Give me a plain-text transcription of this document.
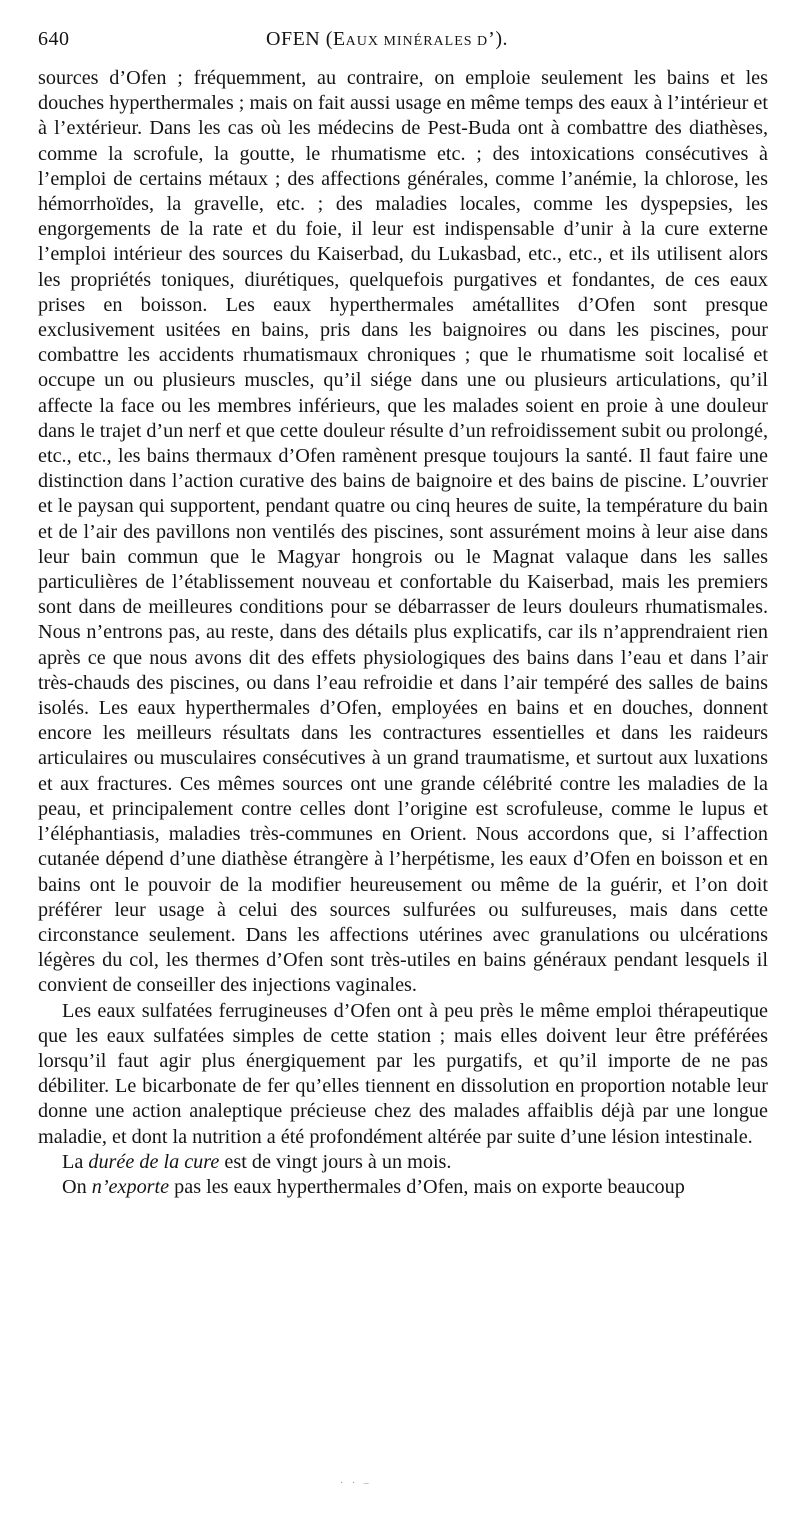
640	OFEN (EAUX MINÉRALES D’).

sources d’Ofen ; fréquemment, au contraire, on emploie seulement les bains et les douches hyperthermales ; mais on fait aussi usage en même temps des eaux à l’intérieur et à l’extérieur. Dans les cas où les médecins de Pest-Buda ont à combattre des diathèses, comme la scrofule, la goutte, le rhumatisme etc. ; des intoxications consécutives à l’emploi de certains métaux ; des affections générales, comme l’anémie, la chlorose, les hémorrhoïdes, la gravelle, etc. ; des maladies locales, comme les dyspepsies, les engorgements de la rate et du foie, il leur est indispensable d’unir à la cure externe l’emploi intérieur des sources du Kaiserbad, du Lukasbad, etc., etc., et ils utilisent alors les propriétés toniques, diurétiques, quelquefois purgatives et fondantes, de ces eaux prises en boisson. Les eaux hyperthermales amétallites d’Ofen sont presque exclusivement usitées en bains, pris dans les baignoires ou dans les piscines, pour combattre les accidents rhumatismaux chroniques ; que le rhumatisme soit localisé et occupe un ou plusieurs muscles, qu’il siége dans une ou plusieurs articulations, qu’il affecte la face ou les membres inférieurs, que les malades soient en proie à une douleur dans le trajet d’un nerf et que cette douleur résulte d’un refroidissement subit ou prolongé, etc., etc., les bains thermaux d’Ofen ramènent presque toujours la santé. Il faut faire une distinction dans l’action curative des bains de baignoire et des bains de piscine. L’ouvrier et le paysan qui supportent, pendant quatre ou cinq heures de suite, la température du bain et de l’air des pavillons non ventilés des piscines, sont assurément moins à leur aise dans leur bain commun que le Magyar hongrois ou le Magnat valaque dans les salles particulières de l’établissement nouveau et confortable du Kaiserbad, mais les premiers sont dans de meilleures conditions pour se débarrasser de leurs douleurs rhumatismales. Nous n’entrons pas, au reste, dans des détails plus explicatifs, car ils n’apprendraient rien après ce que nous avons dit des effets physiologiques des bains dans l’eau et dans l’air très-chauds des piscines, ou dans l’eau refroidie et dans l’air tempéré des salles de bains isolés. Les eaux hyperthermales d’Ofen, employées en bains et en douches, donnent encore les meilleurs résultats dans les contractures essentielles et dans les raideurs articulaires ou musculaires consécutives à un grand traumatisme, et surtout aux luxations et aux fractures. Ces mêmes sources ont une grande célébrité contre les maladies de la peau, et principalement contre celles dont l’origine est scrofuleuse, comme le lupus et l’éléphantiasis, maladies très-communes en Orient. Nous accordons que, si l’affection cutanée dépend d’une diathèse étrangère à l’herpétisme, les eaux d’Ofen en boisson et en bains ont le pouvoir de la modifier heureusement ou même de la guérir, et l’on doit préférer leur usage à celui des sources sulfurées ou sulfureuses, mais dans cette circonstance seulement. Dans les affections utérines avec granulations ou ulcérations légères du col, les thermes d’Ofen sont très-utiles en bains généraux pendant lesquels il convient de conseiller des injections vaginales.

Les eaux sulfatées ferrugineuses d’Ofen ont à peu près le même emploi thérapeutique que les eaux sulfatées simples de cette station ; mais elles doivent leur être préférées lorsqu’il faut agir plus énergiquement par les purgatifs, et qu’il importe de ne pas débiliter. Le bicarbonate de fer qu’elles tiennent en dissolution en proportion notable leur donne une action analeptique précieuse chez des malades affaiblis déjà par une longue maladie, et dont la nutrition a été profondément altérée par suite d’une lésion intestinale.

La durée de la cure est de vingt jours à un mois.

On n’exporte pas les eaux hyperthermales d’Ofen, mais on exporte beaucoup

· · –
